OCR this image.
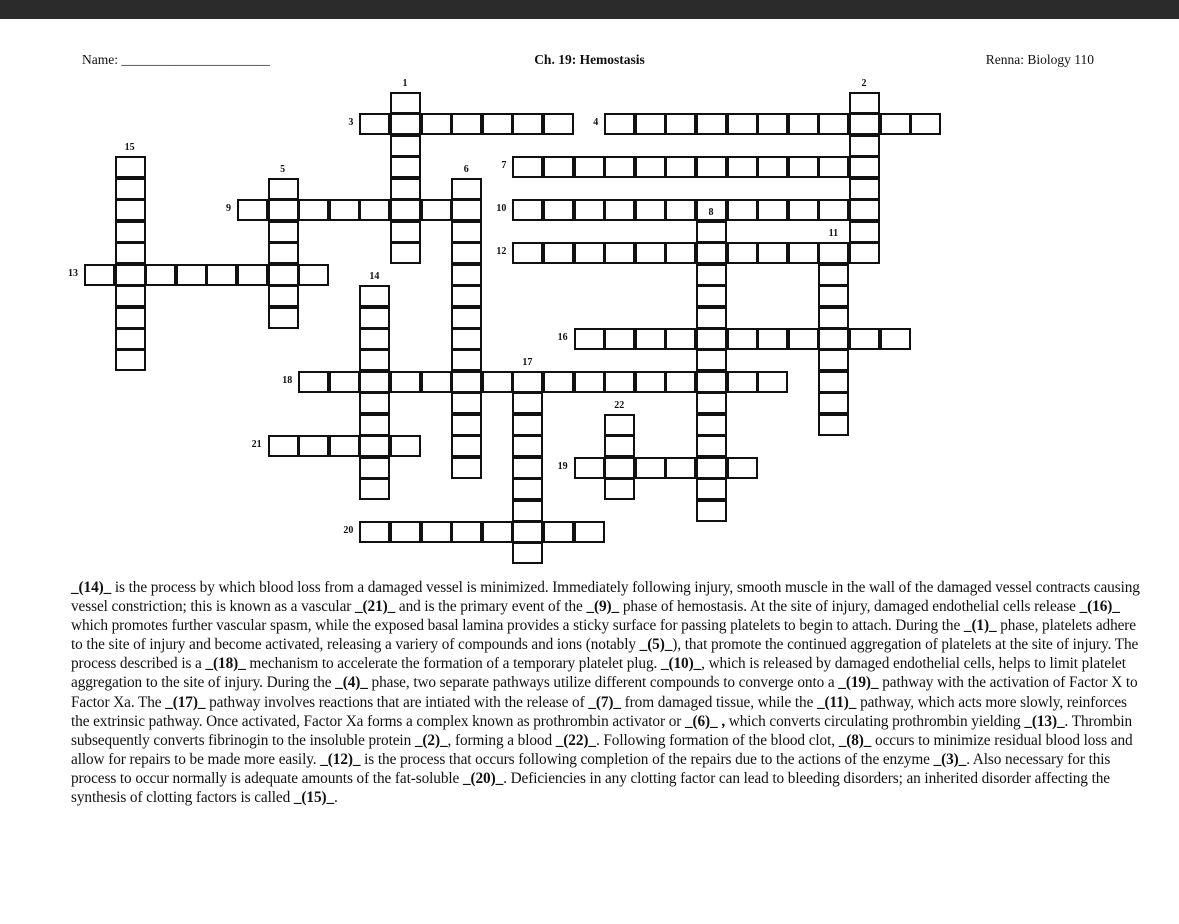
Name: ______________________	Ch. 19: Hemostasis	Renna: Biology 110
1	2
3	4
5	6	7
8
9	10
11
12
13	14
15
16
17
18
19
20
21
22
_(14)_ is the process by which blood loss from a damaged vessel is minimized. Immediately following injury, smooth muscle in the wall of the damaged vessel contracts causing vessel constriction; this is known as a vascular _(21)_ and is the primary event of the _(9)_ phase of hemostasis. At the site of injury, damaged endothelial cells release _(16)_ which promotes further vascular spasm, while the exposed basal lamina provides a sticky surface for passing platelets to begin to attach. During the _(1)_ phase, platelets adhere to the site of injury and become activated, releasing a variery of compounds and ions (notably _(5)_), that promote the continued aggregation of platelets at the site of injury. The process described is a _(18)_ mechanism to accelerate the formation of a temporary platelet plug. _(10)_, which is released by damaged endothelial cells, helps to limit platelet aggregation to the site of injury. During the _(4)_ phase, two separate pathways utilize different compounds to converge onto a _(19)_ pathway with the activation of Factor X to Factor Xa. The _(17)_ pathway involves reactions that are intiated with the release of _(7)_ from damaged tissue, while the _(11)_ pathway, which acts more slowly, reinforces the extrinsic pathway. Once activated, Factor Xa forms a complex known as prothrombin activator or _(6)_ , which converts circulating prothrombin yielding _(13)_. Thrombin subsequently converts fibrinogin to the insoluble protein _(2)_, forming a blood _(22)_. Following formation of the blood clot, _(8)_ occurs to minimize residual blood loss and allow for repairs to be made more easily. _(12)_ is the process that occurs following completion of the repairs due to the actions of the enzyme _(3)_. Also necessary for this process to occur normally is adequate amounts of the fat-soluble _(20)_. Deficiencies in any clotting factor can lead to bleeding disorders; an inherited disorder affecting the synthesis of clotting factors is called _(15)_.
